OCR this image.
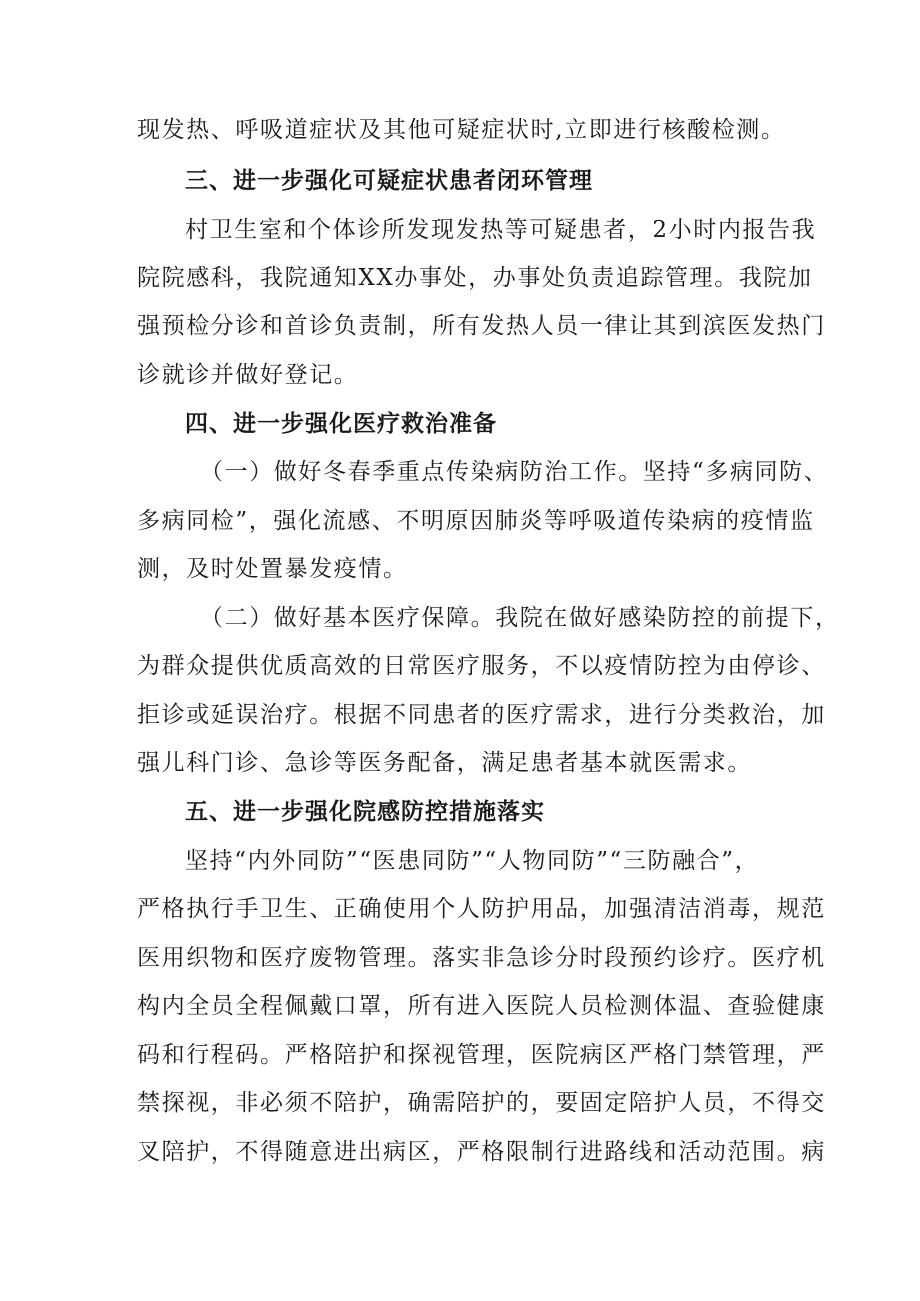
现发热、呼吸道症状及其他可疑症状时,立即进行核酸检测。

三、进一步强化可疑症状患者闭环管理

村卫生室和个体诊所发现发热等可疑患者，2小时内报告我

院院感科，我院通知XX办事处，办事处负责追踪管理。我院加

强预检分诊和首诊负责制，所有发热人员一律让其到滨医发热门

诊就诊并做好登记。

四、进一步强化医疗救治准备

（一）做好冬春季重点传染病防治工作。坚持“多病同防、

多病同检”，强化流感、不明原因肺炎等呼吸道传染病的疫情监

测，及时处置暴发疫情。

（二）做好基本医疗保障。我院在做好感染防控的前提下，

为群众提供优质高效的日常医疗服务，不以疫情防控为由停诊、

拒诊或延误治疗。根据不同患者的医疗需求，进行分类救治，加

强儿科门诊、急诊等医务配备，满足患者基本就医需求。

五、进一步强化院感防控措施落实

坚持“内外同防”“医患同防”“人物同防”“三防融合”，

严格执行手卫生、正确使用个人防护用品，加强清洁消毒，规范

医用织物和医疗废物管理。落实非急诊分时段预约诊疗。医疗机

构内全员全程佩戴口罩，所有进入医院人员检测体温、查验健康

码和行程码。严格陪护和探视管理，医院病区严格门禁管理，严

禁探视，非必须不陪护，确需陪护的，要固定陪护人员，不得交

叉陪护，不得随意进出病区，严格限制行进路线和活动范围。病
